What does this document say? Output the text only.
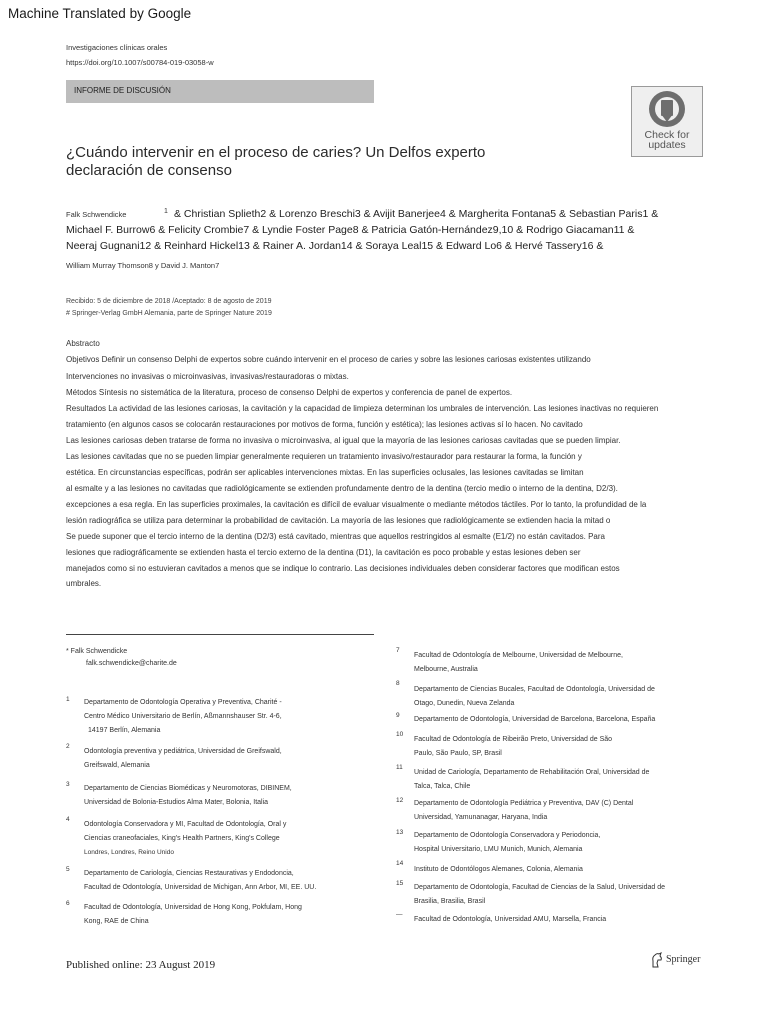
Machine Translated by Google
Investigaciones clínicas orales
https://doi.org/10.1007/s00784-019-03058-w
INFORME DE DISCUSIÓN
Check for
updates
¿Cuándo intervenir en el proceso de caries? Un Delfos experto declaración de consenso
Falk Schwendicke	1 & Christian Splieth2 & Lorenzo Breschi3 & Avijit Banerjee4 & Margherita Fontana5 & Sebastian Paris1 &
Michael F. Burrow6 & Felicity Crombie7 & Lyndie Foster Page8 & Patricia Gatón-Hernández9,10 & Rodrigo Giacaman11 &
Neeraj Gugnani12 & Reinhard Hickel13 & Rainer A. Jordan14 & Soraya Leal15 & Edward Lo6 & Hervé Tassery16 &
William Murray Thomson8 y David J. Manton7
Recibido: 5 de diciembre de 2018 /Aceptado: 8 de agosto de 2019
# Springer-Verlag GmbH Alemania, parte de Springer Nature 2019
Abstracto
Objetivos Definir un consenso Delphi de expertos sobre cuándo intervenir en el proceso de caries y sobre las lesiones cariosas existentes utilizando
Intervenciones no invasivas o microinvasivas, invasivas/restauradoras o mixtas.
Métodos Síntesis no sistemática de la literatura, proceso de consenso Delphi de expertos y conferencia de panel de expertos.
Resultados La actividad de las lesiones cariosas, la cavitación y la capacidad de limpieza determinan los umbrales de intervención. Las lesiones inactivas no requieren
tratamiento (en algunos casos se colocarán restauraciones por motivos de forma, función y estética); las lesiones activas sí lo hacen. No cavitado
Las lesiones cariosas deben tratarse de forma no invasiva o microinvasiva, al igual que la mayoría de las lesiones cariosas cavitadas que se pueden limpiar.
Las lesiones cavitadas que no se pueden limpiar generalmente requieren un tratamiento invasivo/restaurador para restaurar la forma, la función y
estética. En circunstancias específicas, podrán ser aplicables intervenciones mixtas. En las superficies oclusales, las lesiones cavitadas se limitan
al esmalte y a las lesiones no cavitadas que radiológicamente se extienden profundamente dentro de la dentina (tercio medio o interno de la dentina, D2/3).
excepciones a esa regla. En las superficies proximales, la cavitación es difícil de evaluar visualmente o mediante métodos táctiles. Por lo tanto, la profundidad de la
lesión radiográfica se utiliza para determinar la probabilidad de cavitación. La mayoría de las lesiones que radiológicamente se extienden hacia la mitad o
Se puede suponer que el tercio interno de la dentina (D2/3) está cavitado, mientras que aquellos restringidos al esmalte (E1/2) no están cavitados. Para
lesiones que radiográficamente se extienden hasta el tercio externo de la dentina (D1), la cavitación es poco probable y estas lesiones deben ser
manejados como si no estuvieran cavitados a menos que se indique lo contrario. Las decisiones individuales deben considerar factores que modifican estos
umbrales.
* Falk Schwendicke
falk.schwendicke@charite.de
1 Departamento de Odontología Operativa y Preventiva, Charité -
Centro Médico Universitario de Berlín, Aßmannshauser Str. 4-6,
14197 Berlín, Alemania
2
Odontología preventiva y pediátrica, Universidad de Greifswald,
Greifswald, Alemania
3
Departamento de Ciencias Biomédicas y Neuromotoras, DIBINEM,
Universidad de Bolonia-Estudios Alma Mater, Bolonia, Italia
4
Odontología Conservadora y MI, Facultad de Odontología, Oral y
Ciencias craneofaciales, King's Health Partners, King's College
Londres, Londres, Reino Unido
5
Departamento de Cariología, Ciencias Restaurativas y Endodoncia,
Facultad de Odontología, Universidad de Michigan, Ann Arbor, MI, EE. UU.
6
Facultad de Odontología, Universidad de Hong Kong, Pokfulam, Hong
Kong, RAE de China
7
Facultad de Odontología de Melbourne, Universidad de Melbourne,
Melbourne, Australia
8
Departamento de Ciencias Bucales, Facultad de Odontología, Universidad de
Otago, Dunedin, Nueva Zelanda
9
Departamento de Odontología, Universidad de Barcelona, Barcelona, España
10
Facultad de Odontología de Ribeirão Preto, Universidad de São
Paulo, São Paulo, SP, Brasil
11
Unidad de Cariología, Departamento de Rehabilitación Oral, Universidad de
Talca, Talca, Chile
12 Departamento de Odontología Pediátrica y Preventiva, DAV (C) Dental
Universidad, Yamunanagar, Haryana, India
13 Departamento de Odontología Conservadora y Periodoncia,
Hospital Universitario, LMU Munich, Munich, Alemania
14
Instituto de Odontólogos Alemanes, Colonia, Alemania
15
Departamento de Odontología, Facultad de Ciencias de la Salud, Universidad de
Brasilia, Brasilia, Brasil
—
Facultad de Odontología, Universidad AMU, Marsella, Francia
Published online: 23 August 2019	Springer
